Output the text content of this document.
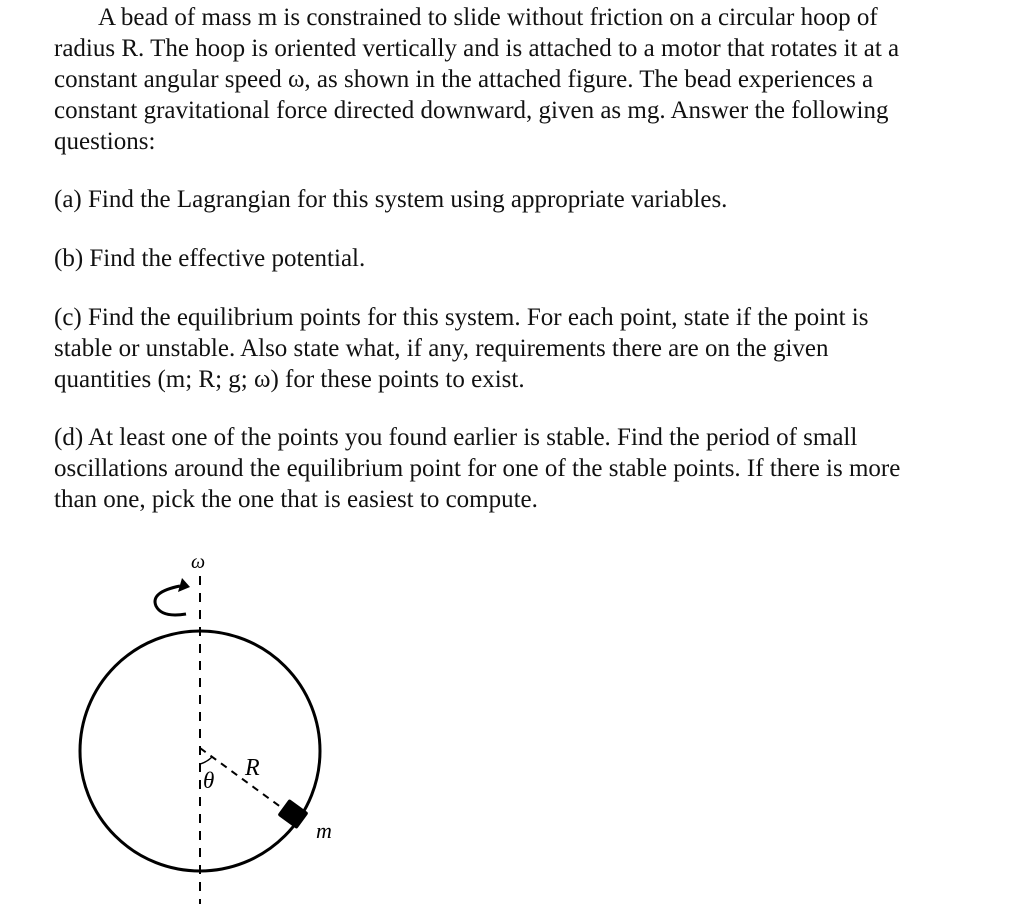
A bead of mass m is constrained to slide without friction on a circular hoop of
radius R. The hoop is oriented vertically and is attached to a motor that rotates it at a
constant angular speed ω, as shown in the attached figure. The bead experiences a
constant gravitational force directed downward, given as mg. Answer the following
questions:

(a) Find the Lagrangian for this system using appropriate variables.

(b) Find the effective potential.

(c) Find the equilibrium points for this system. For each point, state if the point is
stable or unstable. Also state what, if any, requirements there are on the given
quantities (m; R; g; ω) for these points to exist.

(d) At least one of the points you found earlier is stable. Find the period of small
oscillations around the equilibrium point for one of the stable points. If there is more
than one, pick the one that is easiest to compute.

ω
θ R
m
